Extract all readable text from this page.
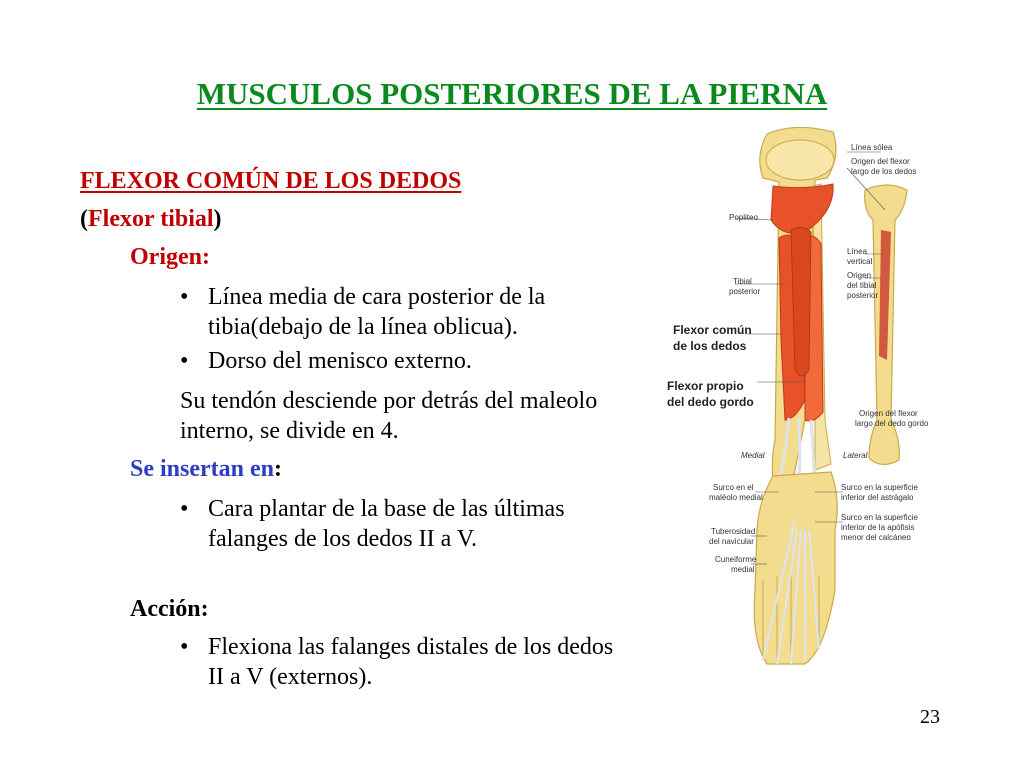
MUSCULOS POSTERIORES DE LA PIERNA
FLEXOR COMÚN DE LOS DEDOS
(Flexor tibial)
Origen:
• Línea media de cara posterior de la tibia(debajo de la línea oblicua).
• Dorso del menisco externo.
Su tendón desciende por detrás del maleolo interno, se divide en 4.
Se insertan en:
• Cara plantar de la base de las últimas falanges de los dedos II a V.
Acción:
• Flexiona las falanges distales de los dedos II a V (externos).
Línea sólea
Origen del flexor
largo de los dedos
Popliteo
Línea
vertical
Origen
del tibial
posterior
Tibial
posterior
Flexor común
de los dedos
Flexor propio
del dedo gordo
Origen del flexor
largo del dedo gordo
Medial	Lateral
Surco en el
maléolo medial
Surco en la superficie
inferior del astrágalo
Tuberosidad
del navicular
Surco en la superficie
inferior de la apófisis
menor del calcáneo
Cuneiforme
medial
23
